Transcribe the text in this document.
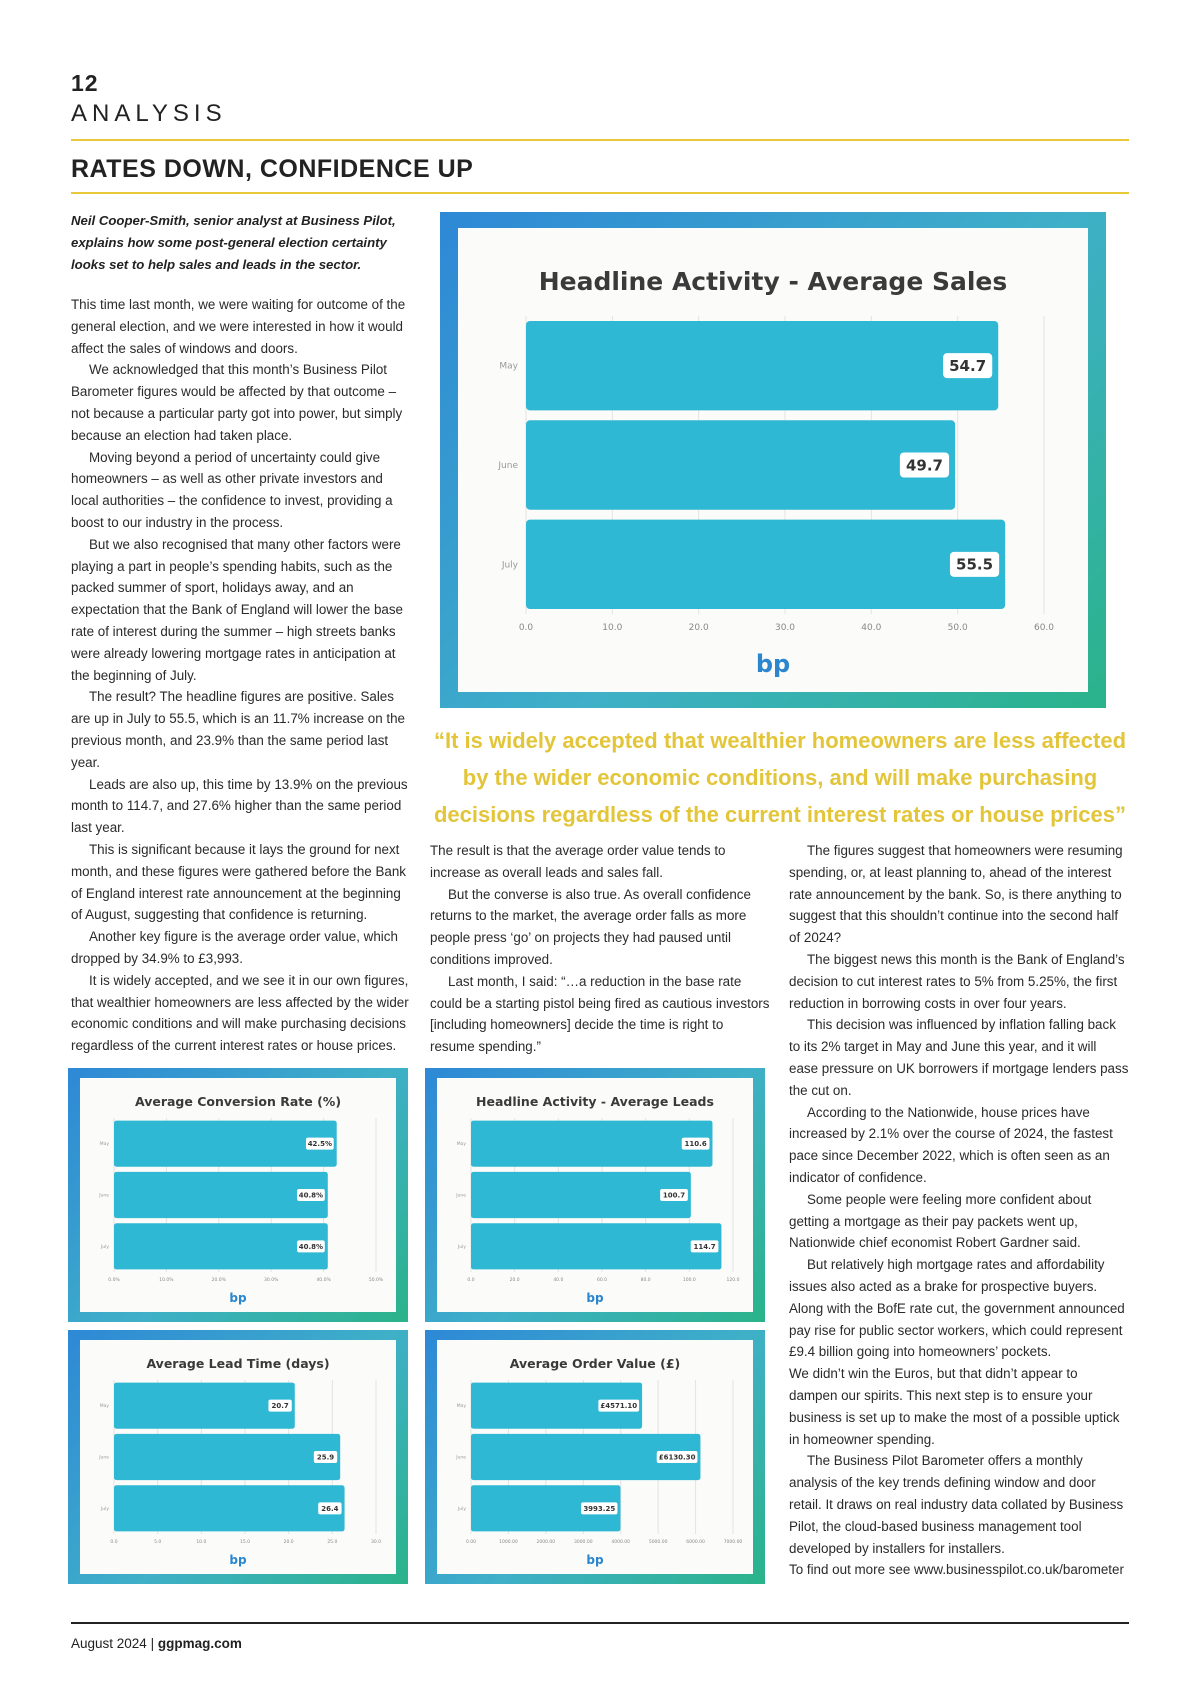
12
ANALYSIS
RATES DOWN, CONFIDENCE UP
Neil Cooper-Smith, senior analyst at Business Pilot, explains how some post-general election certainty looks set to help sales and leads in the sector.

This time last month, we were waiting for outcome of the general election, and we were interested in how it would affect the sales of windows and doors.

We acknowledged that this month’s Business Pilot Barometer figures would be affected by that outcome – not because a particular party got into power, but simply because an election had taken place.

Moving beyond a period of uncertainty could give homeowners – as well as other private investors and local authorities – the confidence to invest, providing a boost to our industry in the process.

But we also recognised that many other factors were playing a part in people’s spending habits, such as the packed summer of sport, holidays away, and an expectation that the Bank of England will lower the base rate of interest during the summer – high streets banks were already lowering mortgage rates in anticipation at the beginning of July.

The result? The headline figures are positive. Sales are up in July to 55.5, which is an 11.7% increase on the previous month, and 23.9% than the same period last year.

Leads are also up, this time by 13.9% on the previous month to 114.7, and 27.6% higher than the same period last year.

This is significant because it lays the ground for next month, and these figures were gathered before the Bank of England interest rate announcement at the beginning of August, suggesting that confidence is returning.

Another key figure is the average order value, which dropped by 34.9% to £3,993.

It is widely accepted, and we see it in our own figures, that wealthier homeowners are less affected by the wider economic conditions and will make purchasing decisions regardless of the current interest rates or house prices.

The result is that the average order value tends to increase as overall leads and sales fall.

But the converse is also true. As overall confidence returns to the market, the average order falls as more people press ‘go’ on projects they had paused until conditions improved.

Last month, I said: “…a reduction in the base rate could be a starting pistol being fired as cautious investors [including homeowners] decide the time is right to resume spending.”

The figures suggest that homeowners were resuming spending, or, at least planning to, ahead of the interest rate announcement by the bank. So, is there anything to suggest that this shouldn’t continue into the second half of 2024?

The biggest news this month is the Bank of England’s decision to cut interest rates to 5% from 5.25%, the first reduction in borrowing costs in over four years.

This decision was influenced by inflation falling back to its 2% target in May and June this year, and it will ease pressure on UK borrowers if mortgage lenders pass the cut on.

According to the Nationwide, house prices have increased by 2.1% over the course of 2024, the fastest pace since December 2022, which is often seen as an indicator of confidence.

Some people were feeling more confident about getting a mortgage as their pay packets went up, Nationwide chief economist Robert Gardner said.

But relatively high mortgage rates and affordability issues also acted as a brake for prospective buyers. Along with the BofE rate cut, the government announced pay rise for public sector workers, which could represent £9.4 billion going into homeowners’ pockets.

We didn’t win the Euros, but that didn’t appear to dampen our spirits. This next step is to ensure your business is set up to make the most of a possible uptick in homeowner spending.

The Business Pilot Barometer offers a monthly analysis of the key trends defining window and door retail. It draws on real industry data collated by Business Pilot, the cloud-based business management tool developed by installers for installers.

To find out more see www.businesspilot.co.uk/barometer

“It is widely accepted that wealthier homeowners are less affected by the wider economic conditions, and will make purchasing decisions regardless of the current interest rates or house prices”
Headline Activity - Average Sales
0.0	10.0	20.0	30.0	40.0	50.0	60.0
May	54.7
June	49.7
July	55.5
bp
Average Conversion Rate (%)
0.0%	10.0%	20.0%	30.0%	40.0%	50.0%
May	42.5%
June	40.8%
July	40.8%
bp
Headline Activity - Average Leads
0.0	20.0	40.0	60.0	80.0	100.0	120.0
May	110.6
June	100.7
July	114.7
bp
Average Lead Time (days)
0.0	5.0	10.0	15.0	20.0	25.0	30.0
May	20.7
June	25.9
July	26.4
bp
Average Order Value (£)
0.00	1000.00	2000.00	3000.00	4000.00	5000.00	6000.00	7000.00
May	£4571.10
June	£6130.30
July	3993.25
bp
August 2024 | ggpmag.com
